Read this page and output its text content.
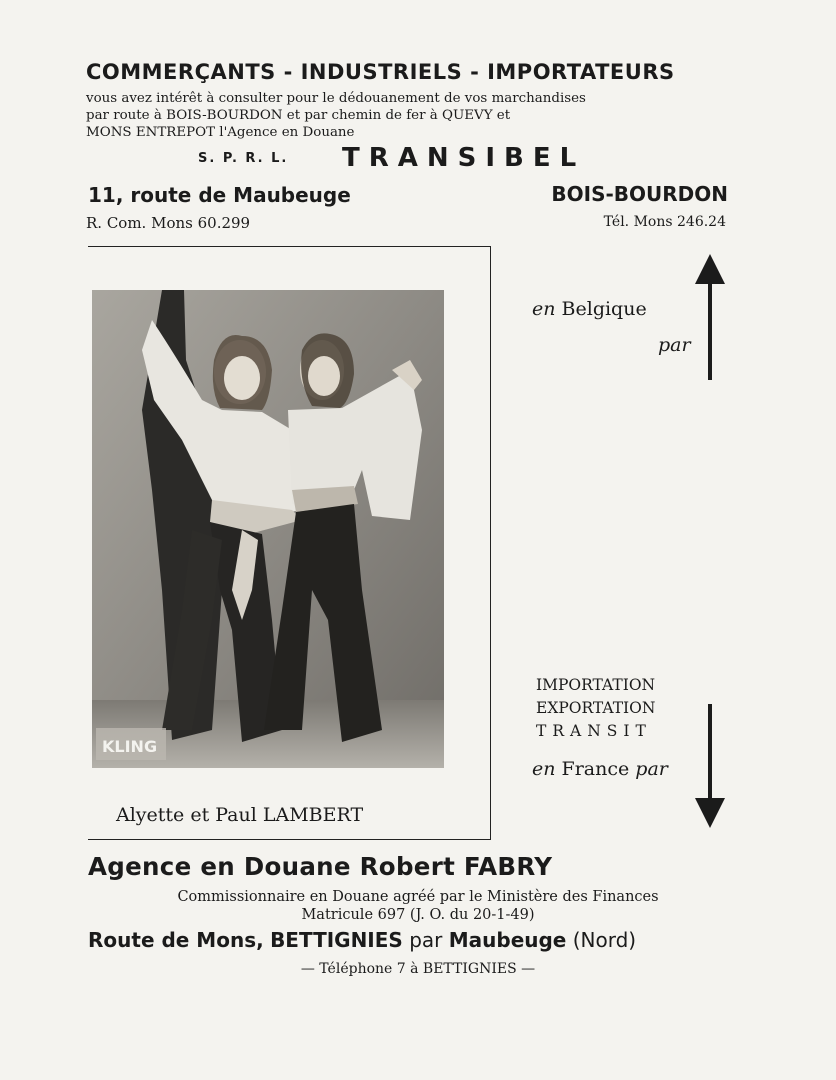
COMMERÇANTS - INDUSTRIELS - IMPORTATEURS
vous avez intérêt à consulter pour le dédouanement de vos marchandises
par route à BOIS-BOURDON et par chemin de fer à QUEVY et
MONS ENTREPOT l'Agence en Douane
S. P. R. L. TRANSIBEL
11, route de Maubeuge	BOIS-BOURDON
R. Com. Mons 60.299	Tél. Mons 246.24
KLING
Alyette et Paul LAMBERT
en Belgique
par
IMPORTATION
EXPORTATION
TRANSIT
en France par
Agence en Douane Robert FABRY
Commissionnaire en Douane agréé par le Ministère des Finances
Matricule 697 (J. O. du 20-1-49)
Route de Mons, BETTIGNIES par Maubeuge (Nord)
— Téléphone 7 à BETTIGNIES —
